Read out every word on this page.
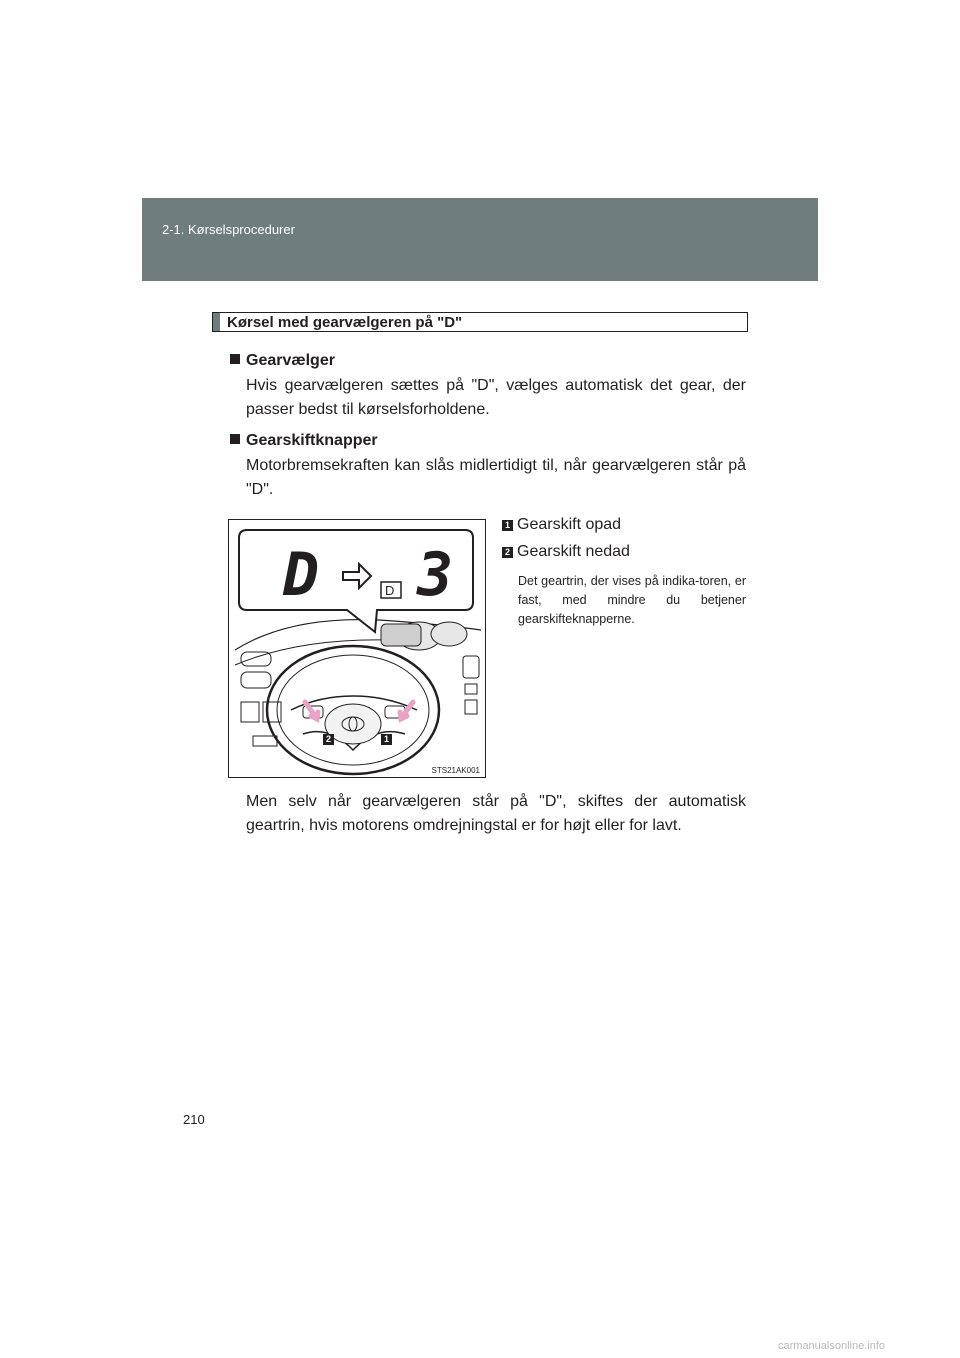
2-1. Kørselsprocedurer
Kørsel med gearvælgeren på "D"
Gearvælger
Hvis gearvælgeren sættes på "D", vælges automatisk det gear, der passer bedst til kørselsforholdene.
Gearskiftknapper
Motorbremsekraften kan slås midlertidigt til, når gearvælgeren står på "D".
D	D 3
2	1
STS21AK001
1 Gearskift opad
2 Gearskift nedad
Det geartrin, der vises på indika-toren, er fast, med mindre du betjener gearskifteknapperne.
Men selv når gearvælgeren står på "D", skiftes der automatisk geartrin, hvis motorens omdrejningstal er for højt eller for lavt.
210
carmanualsonline.info
